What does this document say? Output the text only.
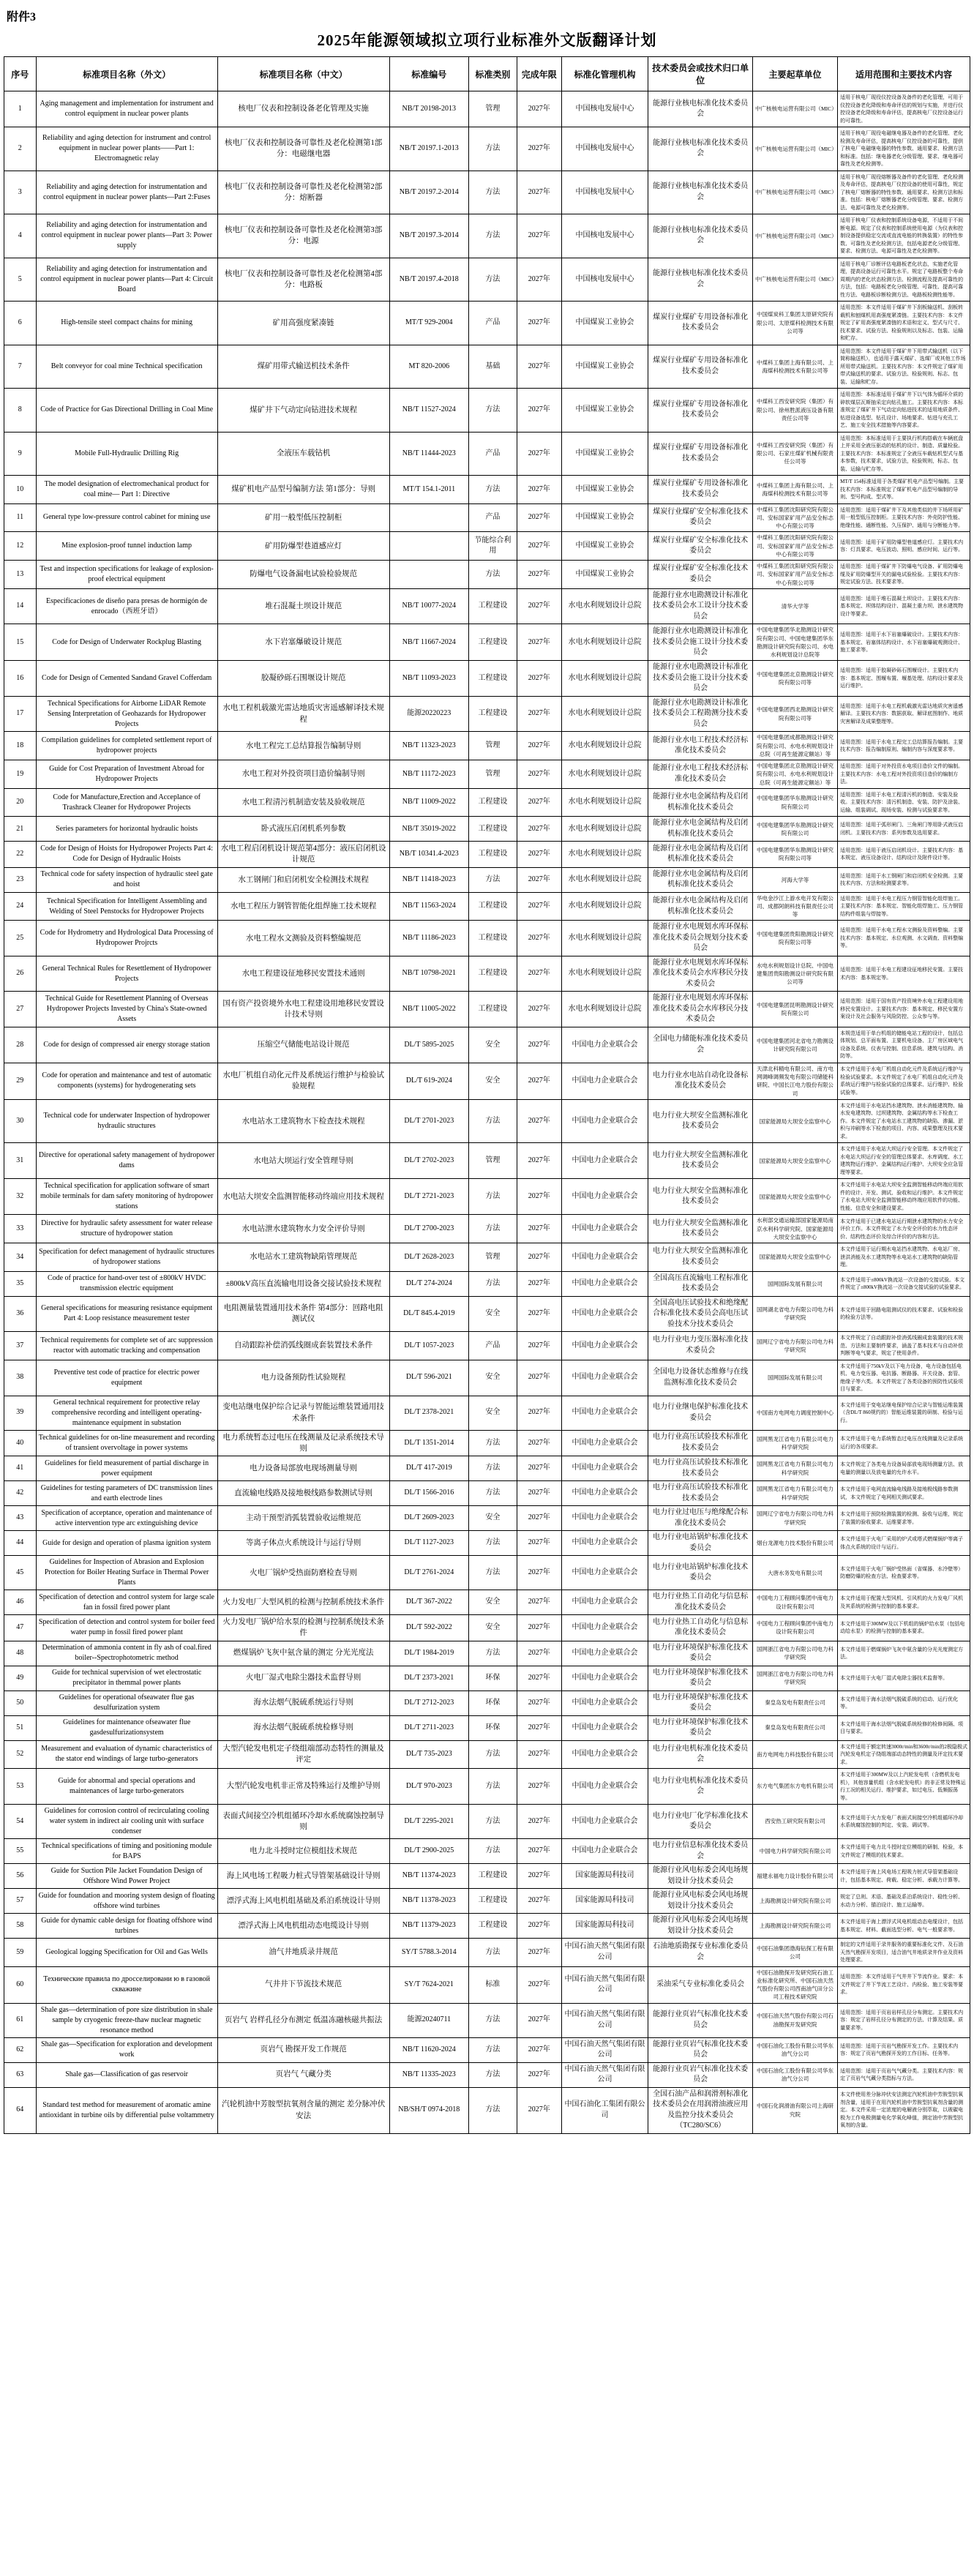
附件3
2025年能源领域拟立项行业标准外文版翻译计划
序号	标准项目名称（外文）	标准项目名称（中文）	标准编号	标准类别	完成年限	标准化管理机构	技术委员会或技术归口单位	主要起草单位	适用范围和主要技术内容
1	Aging management and implementation for instrument and control equipment in nuclear power plants	核电厂仪表和控制设备老化管理及实施	NB/T 20198-2013	管理	2027年	中国核电发展中心	能源行业核电标准化技术委员会	中广核核电运营有限公司（MIC）	适用于核电厂现役仪控设备及备件的老化管理，可用于仪控设备老化降级和寿命评估的规划与实施，并进行仪控设备老化降级和寿命评估，提高核电厂仪控设备运行的可靠性。
2	Reliability and aging detection for instrument and control equipment in nuclear power plants——Part 1: Electromagnetic relay	核电厂仪表和控制设备可靠性及老化检测第1部分：电磁继电器	NB/T 20197.1-2013	方法	2027年	中国核电发展中心	能源行业核电标准化技术委员会	中广核核电运营有限公司（MIC）	适用于核电厂现役电磁继电器及备件的老化管理、老化检测及寿命评估，提高核电厂仪控设备的可靠性，提供了核电厂电磁继电器的特性参数、通用要求、检测方法和标准。包括：继电器老化分级管理、要求、继电器可靠性及老化检测等。
3	Reliability and aging detection for instrumentation and control equipment in nuclear power plants—Part 2:Fuses	核电厂仪表和控制设备可靠性及老化检测第2部分：熔断器	NB/T 20197.2-2014	方法	2027年	中国核电发展中心	能源行业核电标准化技术委员会	中广核核电运营有限公司（MIC）	适用于核电厂现役熔断器及备件的老化管理、老化检测及寿命评估，提高核电厂仪控设备的使用可靠性，规定了核电厂熔断器的特性参数、通用要求、检测方法和标准。包括：核电厂熔断器老化分级管理、要求、检测方法、电源可靠性及老化检测等。
4	Reliability and aging detection for instrumentation and control equipment in nuclear power plants—Part 3: Power supply	核电厂仪表和控制设备可靠性及老化检测第3部分：电源	NB/T 20197.3-2014	方法	2027年	中国核电发展中心	能源行业核电标准化技术委员会	中广核核电运营有限公司（MIC）	适用于核电厂仪表和控制系统设备电源，不适用于不间断电源。规定了仪表和控制系统使用电源（为仪表和控制设备提供稳定交流或直流电能的转换装置）的特性参数、可靠性及老化检测方法，包括电源老化分级管理、要求、检测方法、电源可靠性及老化检测等。
5	Reliability and aging detection for instrumentation and control equipment in nuclear power plants—Part 4: Circuit Board	核电厂仪表和控制设备可靠性及老化检测第4部分：电路板	NB/T 20197.4-2018	方法	2027年	中国核电发展中心	能源行业核电标准化技术委员会	中广核核电运营有限公司（MIC）	适用于核电厂诊断评估电路板老化状态，实施老化管理，提高设备运行可靠性水平。规定了电路板整个寿命周期内的老化状态检测方法、检测流程及提高可靠性的方法，包括：电路板老化分级管理、可靠性、提高可靠性方法、电路板诊断检测方法、电路板检测性能等。
6	High-tensile steel compact chains for mining	矿用高强度紧凑链	MT/T 929-2004	产品	2027年	中国煤炭工业协会	煤炭行业煤矿专用设备标准化技术委员会	中国煤炭科工集团太原研究院有限公司、太原煤科检测技术有限公司等	适用范围：本文件适用于煤矿井下刮板输送机、刮板转载机和刨煤机用高强度紧凑链。主要技术内容：本文件规定了矿用高强度紧凑链的术语和定义、型式与尺寸、技术要求、试验方法、检验规则以及标志、包装、运输和贮存。
7	Belt conveyor for coal mine Technical specification	煤矿用带式输送机技术条件	MT 820-2006	基础	2027年	中国煤炭工业协会	煤炭行业煤矿专用设备标准化技术委员会	中煤科工集团上海有限公司、上海煤科检测技术有限公司等	适用范围：本文件适用于煤矿井下用带式输送机（以下简称输送机），也适用于露天煤矿、选煤厂或其他工作场所用带式输送机。主要技术内容：本文件规定了煤矿用带式输送机的要求、试验方法、检验规则、标志、包装、运输和贮存。
8	Code of Practice for Gas Directional Drilling in Coal Mine	煤矿井下气动定向钻进技术规程	NB/T 11527-2024	方法	2027年	中国煤炭工业协会	煤炭行业煤矿专用设备标准化技术委员会	中煤科工西安研究院（集团）有限公司、徐州胜派液压设备有限责任公司等	适用范围：本标准适用于煤矿井下以气体为循环介质的碎软煤层瓦斯抽采定向钻孔施工。主要技术内容：本标准规定了煤矿井下气动定向钻进技术的适用地质条件、钻进设备选型、钻孔设计、场地要求、钻进与充孔工艺、施工安全技术措施等内容要求。
9	Mobile Full-Hydraulic Drilling Rig	全液压车载钻机	NB/T 11444-2023	产品	2027年	中国煤炭工业协会	煤炭行业煤矿专用设备标准化技术委员会	中煤科工西安研究院（集团）有限公司、石家庄煤矿机械有限责任公司等	适用范围：本标准适用于主要执行机构搭载在车辆底盘上并采用全液压驱动的钻机的设计、制造、质量检验。主要技术内容：本标准规定了全液压车载钻机型式与基本参数，技术要求，试验方法，检验规则，标志、包装、运输与贮存等。
10	The model designation of electromechanical product for coal mine— Part 1: Directive	煤矿机电产品型号编制方法 第1部分：导则	MT/T 154.1-2011	方法	2027年	中国煤炭工业协会	煤炭行业煤矿专用设备标准化技术委员会	中煤科工集团上海有限公司、上海煤科检测技术有限公司等	MT/T 154标准适用于各类煤矿机电产品型号编制。主要技术内容：本标准规定了煤矿机电产品型号编制的导则、型号构成、型式等。
11	General type low-pressure control cabinet for mining use	矿用一般型低压控制柜		产品	2027年	中国煤炭工业协会	煤炭行业煤矿安全标准化技术委员会	中煤科工集团沈阳研究院有限公司、安标国家矿用产品安全标志中心有限公司等	适用范围：适用于煤矿井下及其他类似的井下场所用矿用一般型低压控制柜。主要技术内容：外壳防护性能、绝缘性能、通断性能、久压保护、通用与分断能力等。
12	Mine explosion-proof tunnel induction lamp	矿用防爆型巷道感应灯		节能综合利用	2027年	中国煤炭工业协会	煤炭行业煤矿安全标准化技术委员会	中煤科工集团沈阳研究院有限公司、安标国家矿用产品安全标志中心有限公司等	适用范围：适用于矿用防爆型巷道感应灯。主要技术内容：灯具要求、电压波动、照明、感应时间、运行等。
13	Test and inspection specifications for leakage of explosion-proof electrical equipment	防爆电气设备漏电试验检验规范		方法	2027年	中国煤炭工业协会	煤炭行业煤矿安全标准化技术委员会	中煤科工集团沈阳研究院有限公司、安标国家矿用产品安全标志中心有限公司等	适用范围：适用于煤矿井下防爆电气设备、矿用防爆电缆及矿用防爆型开关的漏电试验检验。主要技术内容：规定试验方法、技术要求等。
14	Especificaciones de diseño para presas de hormigón de enrocado（西班牙语）	堆石混凝土坝设计规范	NB/T 10077-2024	工程建设	2027年	水电水利规划设计总院	能源行业水电勘测设计标准化技术委员会水工设计分技术委员会	清华大学等	适用范围：适用于堆石混凝土坝设计。主要技术内容：基本规定、坝体结构设计、混凝土重力坝、泄水建筑物设计等要求。
15	Code for Design of Underwater Rockplug Blasting	水下岩塞爆破设计规范	NB/T 11667-2024	工程建设	2027年	水电水利规划设计总院	能源行业水电勘测设计标准化技术委员会施工设计分技术委员会	中国电建集团华北勘测设计研究院有限公司、中国电建集团华东勘测设计研究院有限公司、水电水利规划设计总院等	适用范围：适用于水下岩塞爆破设计。主要技术内容：基本规定、岩塞体结构设计、水下岩塞爆破观测设计、施工要求等。
16	Code for Design of Cemented Sandand Gravel Cofferdam	胶凝砂砾石围堰设计规范	NB/T 11093-2023	工程建设	2027年	水电水利规划设计总院	能源行业水电勘测设计标准化技术委员会施工设计分技术委员会	中国电建集团北京勘测设计研究院有限公司等	适用范围：适用于胶凝砂砾石围堰设计。主要技术内容：基本规定、围堰布置、堰基处理、结构设计要求及运行维护。
17	Technical Specifications for Airborne LiDAR Remote Sensing Interpretation of Geohazards for Hydropower Projects	水电工程机载激光雷达地质灾害遥感解译技术规程	能源20220223	工程建设	2027年	水电水利规划设计总院	能源行业水电勘测设计标准化技术委员会工程勘测分技术委员会	中国电建集团西北勘测设计研究院有限公司等	适用范围：适用于水电工程机载激光雷达地质灾害遥感解译。主要技术内容：数据获取、解译底图制作、地质灾害解译及成果整理等。
18	Compilation guidelines for completed settlement report of hydropower projects	水电工程完工总结算报告编制导则	NB/T 11323-2023	管理	2027年	水电水利规划设计总院	能源行业水电工程技术经济标准化技术委员会	中国电建集团成都勘测设计研究院有限公司、水电水利规划设计总院（可再生能源定额站）等	适用范围：适用于水电工程完工总结算报告编制。主要技术内容：报告编制原则、编制内容与深度要求等。
19	Guide for Cost Preparation of Investment Abroad for Hydropower Projects	水电工程对外投资项目造价编制导则	NB/T 11172-2023	管理	2027年	水电水利规划设计总院	能源行业水电工程技术经济标准化技术委员会	中国电建集团北京勘测设计研究院有限公司、水电水利规划设计总院（可再生能源定额站）等	适用范围：适用于对外投资水电项目造价文件的编制。主要技术内容：水电工程对外投资项目造价的编制方法。
20	Code for Manufacture,Erection and Acceplance of Trashrack Cleaner for Hydropower Projects	水电工程清污机制造安装及验收规范	NB/T 11009-2022	工程建设	2027年	水电水利规划设计总院	能源行业水电金属结构及启闭机标准化技术委员会	中国电建集团华东勘测设计研究院有限公司	适用范围：适用于水电工程清污机的制造、安装及验收。主要技术内容：清污机制造、安装、防护及涂装、运输、组装调试、现场安装、检测与试验要求等。
21	Series parameters for horizontal hydraulic hoists	卧式液压启闭机系列参数	NB/T 35019-2022	工程建设	2027年	水电水利规划设计总院	能源行业水电金属结构及启闭机标准化技术委员会	中国电建集团华东勘测设计研究院有限公司	适用范围：适用于弧形闸门、三角闸门等用卧式液压启闭机。主要技术内容：系列参数及选用要求。
22	Code for Design of Hoists for Hydropower Projects Part 4: Code for Design of Hydraulic Hoists	水电工程启闭机设计规范第4部分：液压启闭机设计规范	NB/T 10341.4-2023	工程建设	2027年	水电水利规划设计总院	能源行业水电金属结构及启闭机标准化技术委员会	中国电建集团华东勘测设计研究院有限公司等	适用范围：适用于液压启闭机设计。主要技术内容：基本规定、液压设备设计、结构设计及附件设计等。
23	Technical code for safety inspection of hydraulic steel gate and hoist	水工钢闸门和启闭机安全检测技术规程	NB/T 11418-2023	方法	2027年	水电水利规划设计总院	能源行业水电金属结构及启闭机标准化技术委员会	河海大学等	适用范围：适用于水工钢闸门和启闭机安全检测。主要技术内容、方法和检测要求等。
24	Technical Specification for Intelligent Assembling and Welding of Steel Penstocks for Hydropower Projects	水电工程压力钢管智能化组焊施工技术规程	NB/T 11563-2024	工程建设	2027年	水电水利规划设计总院	能源行业水电金属结构及启闭机标准化技术委员会	华电金沙江上游水电开发有限公司、成都阿朗科技有限责任公司等	适用范围：适用于水电工程压力钢管智能化组焊施工。主要技术内容：基本规定、智能化组焊施工、压力钢管结构件组装与焊接等。
25	Code for Hydrometry and Hydrological Data Processing of Hydropower Projrcts	水电工程水文测验及资料整编规范	NB/T 11186-2023	工程建设	2027年	水电水利规划设计总院	能源行业水电规划水库环保标准化技术委员会规划分技术委员会	中国电建集团贵阳勘测设计研究院有限公司等	适用范围：适用于水电工程水文测验及资料整编。主要技术内容：基本规定、水位观测、水文调查、资料整编等。
26	General Technical Rules for Resettlement of Hydropower Projects	水电工程建设征地移民安置技术通则	NB/T 10798-2021	工程建设	2027年	水电水利规划设计总院	能源行业水电规划水库环保标准化技术委员会水库移民分技术委员会	水电水利规划设计总院、中国电建集团贵阳勘测设计研究院有限公司等	适用范围：适用于水电工程建设征地移民安置。主要技术内容：基本规定等。
27	Technical Guide for Resettlement Planning of Overseas Hydropower Projects Invested by China's State-owned Assets	国有资产投资境外水电工程建设用地移民安置设计技术导则	NB/T 11005-2022	工程建设	2027年	水电水利规划设计总院	能源行业水电规划水库环保标准化技术委员会水库移民分技术委员会	中国电建集团昆明勘测设计研究院有限公司	适用范围：适用于国有资产投资境外水电工程建设用地移民安置设计。主要技术内容：基本规定、移民安置方案设计及社会服务与风险防控、公众参与等。
28	Code for design of compressed air energy storage station	压缩空气储能电站设计规范	DL/T 5895-2025	安全	2027年	中国电力企业联合会	全国电力储能标准化技术委员会	中国电建集团河北省电力勘测设计研究院有限公司	本规范适用于单台机组的储能电站工程的设计，包括总体规划、总平面布置、主要机电设备、主厂房区域电气设备及系统、仪表与控制、信息系统、建筑与结构、消防等。
29	Code for operation and maintenance and test of automatic components (systems) for hydrogenerating sets	水电厂机组自动化元件及系统运行维护与检验试验规程	DL/T 619-2024	安全	2027年	中国电力企业联合会	电力行业水电站自动化设备标准化技术委员会	天津北科精电有限公司、南方电网调峰调频发电有限公司储能科研院、中国长江电力股份有限公司	本文件适用于水电厂机组自动化元件及系统运行维护与检验试验要求。本文件规定了水电厂机组自动化元件及系统运行维护与检验试验的总体要求、运行维护、检验试验等。
30	Technical code for underwater Inspection of hydropower hydraulic structures	水电站水工建筑物水下检查技术规程	DL/T 2701-2023	方法	2027年	中国电力企业联合会	电力行业大坝安全监测标准化技术委员会	国家能源局大坝安全监察中心	本文件适用于水电站挡水建筑物、泄水消能建筑物、输水发电建筑物、过坝建筑物、金属结构等水下检查工作。本文件规定了水电站水工建筑物的缺陷、渗漏、淤积与冲刷等水下检查的项目、内容、成果整理及技术要求。
31	Directive for operational safety management of hydropower dams	水电站大坝运行安全管理导则	DL/T 2702-2023	管理	2027年	中国电力企业联合会	电力行业大坝安全监测标准化技术委员会	国家能源局大坝安全监察中心	本文件适用于水电站大坝运行安全管理。本文件规定了水电站大坝运行安全的管理总体要求、水库调度、水工建筑物运行维护、金属结构运行维护、大坝安全应急管理等要求。
32	Technical specification for application software of smart mobile terminals for dam safety monitoring of hydropower stations	水电站大坝安全监测智能移动终端应用技术规程	DL/T 2721-2023	方法	2027年	中国电力企业联合会	电力行业大坝安全监测标准化技术委员会	国家能源局大坝安全监察中心	本文件适用于水电站大坝安全监测智能移动终端应用软件的设计、开发、测试、验收和运行维护。本文件规定了水电站大坝安全监测智能移动终端应用软件的功能、性能、信息安全和建设要求。
33	Directive for hydraulic safety assessment for water release structure of hydropower station	水电站泄水建筑物水力安全评价导则	DL/T 2700-2023	方法	2027年	中国电力企业联合会	电力行业大坝安全监测标准化技术委员会	水利部交通运输部国家能源局南京水利科学研究院、国家能源局大坝安全监察中心	本文件适用于已建水电站运行期泄水建筑物的水力安全评价工作。本文件规定了水力安全评价的水力性态评价、结构性态评价及综合评价的内容和方法。
34	Specification for defect management of hydraulic structures of hydropower stations	水电站水工建筑物缺陷管理规范	DL/T 2628-2023	管理	2027年	中国电力企业联合会	电力行业大坝安全监测标准化技术委员会	国家能源局大坝安全监察中心	本文件适用于运行期水电站挡水建筑物、水电站厂房、泄洪消能及水工建筑物等水电站水工建筑物的缺陷管理。
35	Code of practice for hand-over test of ±800kV HVDC transmission electric equipment	±800kV高压直流输电用设备交接试验技术规程	DL/T 274-2024	方法	2027年	中国电力企业联合会	全国高压直流输电工程标准化技术委员会	国网国际发展有限公司	本文件适用于±800kV换流站一次设备的交接试验。本文件规定了±800kV换流站一次设备交接试验的试验要求。
36	General specifications for measuring resistance equipment Part 4: Loop resistance measurement tester	电阻测量装置通用技术条件 第4部分：回路电阻测试仪	DL/T 845.4-2019	安全	2027年	中国电力企业联合会	全国高电压试验技术和绝缘配合标准化技术委员会高电压试验技术分技术委员会	国网湖北省电力有限公司电力科学研究院	本文件适用于回路电阻测试仪的技术要求、试验和检验的检验方法等。
37	Technical requirements for complete set of arc suppression reactor with automatic tracking and compensation	自动跟踪补偿消弧线圈成套装置技术条件	DL/T 1057-2023	产品	2027年	中国电力企业联合会	电力行业电力变压器标准化技术委员会	国网辽宁省电力有限公司电力科学研究院	本文件规定了自动跟踪补偿消弧线圈成套装置的技术规范、方法和主要制件要求，涵盖了基本技术与自动补偿判断等电气要求，规定了使用条件。
38	Preventive test code of practice for electric power equipment	电力设备预防性试验规程	DL/T 596-2021	安全	2027年	中国电力企业联合会	全国电力设备状态维修与在线监测标准化技术委员会	国网国际发展有限公司	本文件适用于750kV及以下电力设备，电力设备包括电机、电力变压器、电抗器、断路器、开关设备、套管、绝缘子等六类。本文件规定了各类设备的预防性试验项目与要求。
39	General technical requirement for protective relay comprehensive recording and intelligent operating-maintenance equipment in substation	变电站继电保护综合记录与智能运维装置通用技术条件	DL/T 2378-2021	安全	2027年	中国电力企业联合会	电力行业继电保护标准化技术委员会	中国南方电网电力调度控制中心	本文件适用于变电站继电保护综合记录与智能运维装置（含DL/T 860规约的）智能运维装置的研制、检验与运行。
40	Technical guidelines for on-line measurement and recording of transient overvoltage in power systems	电力系统暂态过电压在线测量及记录系统技术导则	DL/T 1351-2014	方法	2027年	中国电力企业联合会	电力行业高压试验技术标准化技术委员会	国网黑龙江省电力有限公司电力科学研究院	本文件适用于电力系统暂态过电压在线测量及记录系统运行的各项要求。
41	Guidelines for field measurement of partial discharge in power equipment	电力设备局部放电现场测量导则	DL/T 417-2019	方法	2027年	中国电力企业联合会	电力行业高压试验技术标准化技术委员会	国网黑龙江省电力有限公司电力科学研究院	本文件规定了各类电力设备局部放电现场测量方法、放电量的测量以及放电量的允许水平。
42	Guidelines for testing parameters of DC transmission lines and earth electrode lines	直流输电线路及接地极线路参数测试导则	DL/T 1566-2016	方法	2027年	中国电力企业联合会	电力行业高压试验技术标准化技术委员会	国网黑龙江省电力有限公司电力科学研究院	本文件适用于电网直流输电线路及接地极线路参数测试，本文件规定了电网相关测试要求。
43	Specification of acceptance, operation and maintenance of active intervention type arc extinguishing device	主动干预型消弧装置验收运维规范	DL/T 2609-2023	安全	2027年	中国电力企业联合会	电力行业过电压与绝缘配合标准化技术委员会	国网辽宁省电力有限公司电力科学研究院	本文件适用于预防检测装置的检测、验收与运维，规定了装置的验收要求、运维要求等。
44	Guide for design and operation of plasma ignition system	等离子体点火系统设计与运行导则	DL/T 1127-2023	方法	2027年	中国电力企业联合会	电力行业电站锅炉标准化技术委员会	烟台龙源电力技术股份有限公司	本文件适用于火电厂采用的炉式或塔式燃煤锅炉等离子体点火系统的设计与运行。
45	Guidelines for Inspection of Abrasion and Explosion Protection for Boiler Heating Surface in Thermal Power Plants	火电厂锅炉受热面防磨检查导则	DL/T 2761-2024	方法	2027年	中国电力企业联合会	电力行业电站锅炉标准化技术委员会	大唐水务发电有限公司	本文件适用于火电厂锅炉受热面（省煤器、水冷壁等）防磨防爆的检查方法、检查要求等。
46	Specification of detection and control system for large scale fan in fossil fired power plant	火力发电厂大型风机的检测与控制系统技术条件	DL/T 367-2022	安全	2027年	中国电力企业联合会	电力行业热工自动化与信息标准化技术委员会	中国电力工程顾问集团中南电力设计院有限公司	本文件适用于配置大型风机、引风机的火力发电厂风机及其系统的检测与控制的基本要求。
47	Specification of detection and control system for boiler feed water pump in fossil fired power plant	火力发电厂锅炉给水泵的检测与控制系统技术条件	DL/T 592-2022	安全	2027年	中国电力企业联合会	电力行业热工自动化与信息标准化技术委员会	中国电力工程顾问集团中南电力设计院有限公司	本文件适用于300MW及以下机组的锅炉给水泵（包括电动给水泵）的检测与控制的基本要求。
48	Determination of ammonia content in fly ash of coal.fired boiler--Spectrophotometric method	燃煤锅炉飞灰中氨含量的测定 分光光度法	DL/T 1984-2019	方法	2027年	中国电力企业联合会	电力行业环境保护标准化技术委员会	国网浙江省电力有限公司电力科学研究院	本文件适用于燃煤锅炉飞灰中氨含量的分光光度测定方法。
49	Guide for technical supervision of wet electrostatic precipitator in themmal power plants	火电厂湿式电除尘器技术监督导则	DL/T 2373-2021	环保	2027年	中国电力企业联合会	电力行业环境保护标准化技术委员会	国网浙江省电力有限公司电力科学研究院	本文件适用于火电厂湿式电除尘器技术监督等。
50	Guidelines for operational ofseawater flue gas desulfurization system	海水法烟气脱硫系统运行导则	DL/T 2712-2023	环保	2027年	中国电力企业联合会	电力行业环境保护标准化技术委员会	秦皇岛发电有限责任公司	本文件适用于海水法烟气脱硫系统的启动、运行优化等。
51	Guidelines for maintenance ofseawater flue gasdesulfurizationsystem	海水法烟气脱硫系统检修导则	DL/T 2711-2023	环保	2027年	中国电力企业联合会	电力行业环境保护标准化技术委员会	秦皇岛发电有限责任公司	本文件适用于海水法烟气脱硫系统检修的检修间隔、项目与要求。
52	Measurement and evaluation of dynamic characteristics of the stator end windings of large turbo-generators	大型汽轮发电机定子绕组端部动态特性的测量及评定	DL/T 735-2023	方法	2027年	中国电力企业联合会	电力行业电机标准化技术委员会	南方电网电力科技股份有限公司	本文件适用于额定转速3000r/min和3600r/min的2极隐极式汽轮发电机定子绕组端部动态特性的测量及评定技术要求。
53	Guide for abnormal and special operations and maintenances of large turbo-generators	大型汽轮发电机非正常及特殊运行及维护导则	DL/T 970-2023	方法	2027年	中国电力企业联合会	电力行业电机标准化技术委员会	东方电气集团东方电机有限公司	本文件适用于300MW及以上汽轮发电机（含燃机发电机），其他容量机组（含水轮发电机）的非正常及特殊运行工况的相关运行、维护要求，如过电压、低频振荡等。
54	Guidelines for corrosion control of recirculating cooling water system in indirect air cooling unit with surface condenser	表面式间接空冷机组循环冷却水系统腐蚀控制导则	DL/T 2295-2021	方法	2027年	中国电力企业联合会	电力行业电厂化学标准化技术委员会	西安热工研究院有限公司	本文件适用于火力发电厂表面式间接空冷机组循环冷却水系统腐蚀控制的判定、安装、调试等。
55	Technical specifications of timing and positioning module for BAPS	电力北斗授时定位模组技术规范	DL/T 2900-2025	方法	2027年	中国电力企业联合会	电力行业信息标准化技术委员会	中国电力科学研究院有限公司	本文件适用于电力北斗授时定位模组的研制、检验，本文件规定了模组的技术要求。
56	Guide for Suction Pile Jacket Foundation Design of Offshore Wind Power Project	海上风电场工程吸力桩式导管架基础设计导则	NB/T 11374-2023	工程建设	2027年	国家能源局科技司	能源行业风电标委会风电场规划设计分技术委员会	福建永福电力设计股份有限公司	本文件适用于海上风电场工程吸力桩式导管架基础设计，包括基本规定、荷载、稳定分析、承载力计算等。
57	Guide for foundation and mooring system design of floating offshore wind turbines	漂浮式海上风电机组基础及系泊系统设计导则	NB/T 11378-2023	工程建设	2027年	国家能源局科技司	能源行业风电标委会风电场规划设计分技术委员会	上海勘测设计研究院有限公司	规定了总则、术语、基础及系泊系统设计、稳性分析、水动力分析、锚泊设计、施工运输等。
58	Guide for dynamic cable design for floating offshore wind turbines	漂浮式海上风电机组动态电缆设计导则	NB/T 11379-2023	工程建设	2027年	国家能源局科技司	能源行业风电标委会风电场规划设计分技术委员会	上海勘测设计研究院有限公司	本文件适用于海上漂浮式风电机组动态电缆设计，包括基本规定、材料、截面选型分析、电气一般要求等。
59	Geological logging Specification for Oil and Gas Wells	油气井地质录井规范	SY/T 5788.3-2014	方法	2027年	中国石油天然气集团有限公司	石油地质勘探专业标准化委员会	中国石油集团渤海钻探工程有限公司	制定的文件适用于录井服务的重要标准化文件、及石油天然气勘探开发项目，适合油气井地质录井作业及资料处理要求。
60	Технические правила по дросселировани ю в газовой скважине	气井井下节流技术规范	SY/T 7624-2021	标准	2027年	中国石油天然气集团有限公司	采油采气专业标准化委员会	中国石油勘探开发研究院石油工业标准化研究所、中国石油天然气股份有限公司西南油气田分公司工程技术研究院	适用范围：本文件适用于气井井下节流作业。要求：本文件规定了井下节流工艺设计、内检验、施工安装等要求。
61	Shale gas—determination of pore size distribution in shale sample by cryogenic freeze-thaw nuclear magnetic resonance method	页岩气 岩样孔径分布测定 低温冻融核磁共振法	能源20240711	方法	2027年	中国石油天然气集团有限公司	能源行业页岩气标准化技术委员会	中国石油天然气股份有限公司石油勘探开发研究院	适用范围：适用于页岩岩样孔径分布测定。主要技术内容：规定了岩样孔径分布测定的方法、计算及结果、质量要求等。
62	Shale gas—Specification for exploration and development work	页岩气 勘探开发工作规范	NB/T 11620-2024	方法	2027年	中国石油天然气集团有限公司	能源行业页岩气标准化技术委员会	中国石油化工股份有限公司华东油气分公司	适用范围：适用于页岩气勘探开发工作。主要技术内容：规定了页岩气勘探开发的工作目标、任务等。
63	Shale gas—Classification of gas reservoir	页岩气 气藏分类	NB/T 11335-2023	方法	2027年	中国石油天然气集团有限公司	能源行业页岩气标准化技术委员会	中国石油化工股份有限公司华东油气分公司	适用范围：适用于页岩气气藏分类。主要技术内容：规定了页岩气气藏分类指标与方法。
64	Standard test method for measurement of aromatic amine antioxidant in turbine oils by differential pulse voltammetry	汽轮机油中芳胺型抗氧剂含量的测定 差分脉冲伏安法	NB/SH/T 0974-2018	方法	2027年	中国石油化工集团有限公司	全国石油产品和润滑剂标准化技术委员会在用润滑油液应用及监控分技术委员会（TC280/SC6）	中国石化润滑油有限公司上海研究院	本文件使用差分脉冲伏安法测定汽轮机油中芳胺型抗氧剂含量，适用于在用汽轮机油中芳胺型抗氧剂含量的测定。本文件采用一定浓度的电解液分别萃取，以玻碳电极为工作电极测量电化学氧化峰值，测定油中芳胺型抗氧剂的含量。
